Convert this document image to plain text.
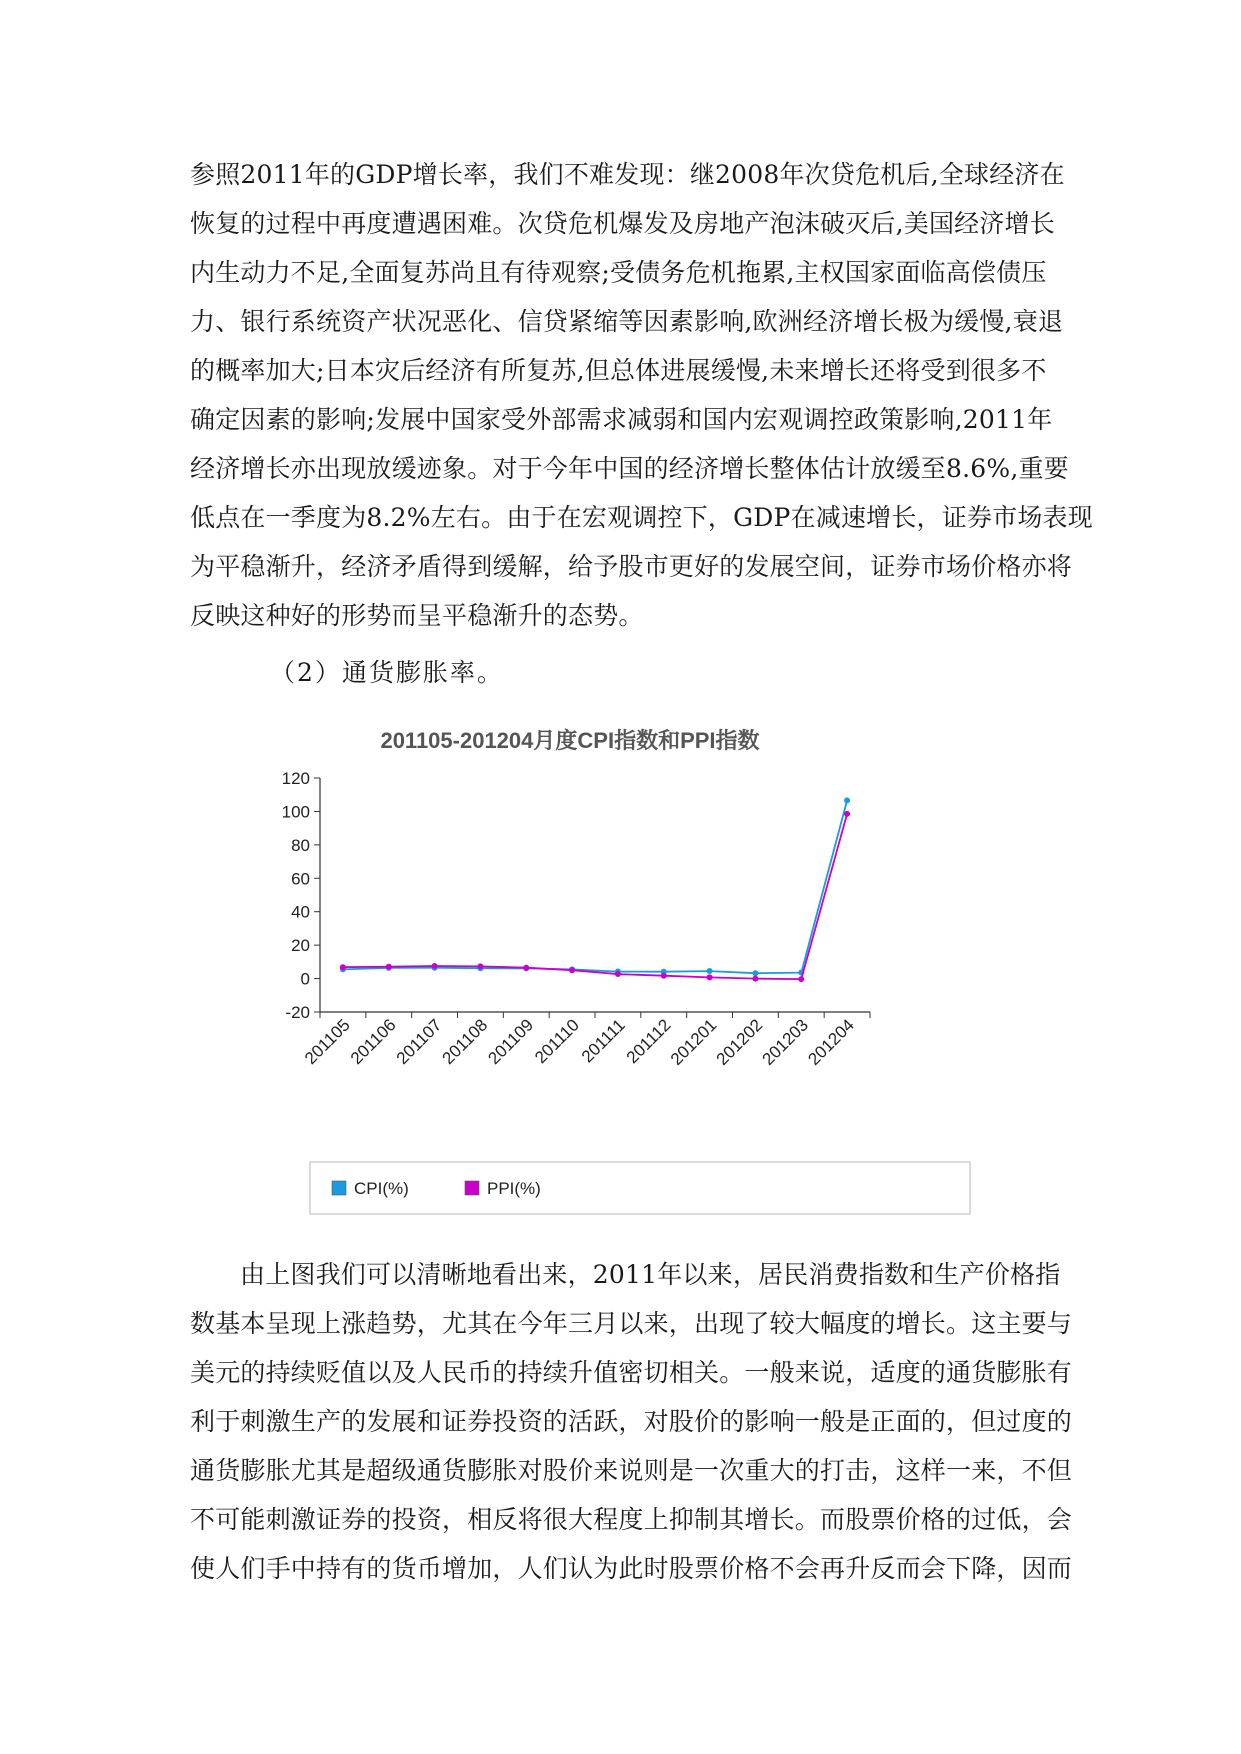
参照2011年的GDP增长率，我们不难发现：继2008年次贷危机后,全球经济在
恢复的过程中再度遭遇困难。次贷危机爆发及房地产泡沫破灭后,美国经济增长
内生动力不足,全面复苏尚且有待观察;受债务危机拖累,主权国家面临高偿债压
力、银行系统资产状况恶化、信贷紧缩等因素影响,欧洲经济增长极为缓慢,衰退
的概率加大;日本灾后经济有所复苏,但总体进展缓慢,未来增长还将受到很多不
确定因素的影响;发展中国家受外部需求减弱和国内宏观调控政策影响,2011年
经济增长亦出现放缓迹象。对于今年中国的经济增长整体估计放缓至8.6%,重要
低点在一季度为8.2%左右。由于在宏观调控下，GDP在减速增长，证券市场表现
为平稳渐升，经济矛盾得到缓解，给予股市更好的发展空间，证券市场价格亦将
反映这种好的形势而呈平稳渐升的态势。

（2）通货膨胀率。

201105-201204月度CPI指数和PPI指数
-20
0
20
40
60
80
100
120
201105
201106
201107
201108
201109
201110
201111
201112
201201
201202
201203
201204
CPI(%)	PPI(%)
由上图我们可以清晰地看出来，2011年以来，居民消费指数和生产价格指
数基本呈现上涨趋势，尤其在今年三月以来，出现了较大幅度的增长。这主要与
美元的持续贬值以及人民币的持续升值密切相关。一般来说，适度的通货膨胀有
利于刺激生产的发展和证券投资的活跃，对股价的影响一般是正面的，但过度的
通货膨胀尤其是超级通货膨胀对股价来说则是一次重大的打击，这样一来，不但
不可能刺激证券的投资，相反将很大程度上抑制其增长。而股票价格的过低，会
使人们手中持有的货币增加，人们认为此时股票价格不会再升反而会下降，因而
